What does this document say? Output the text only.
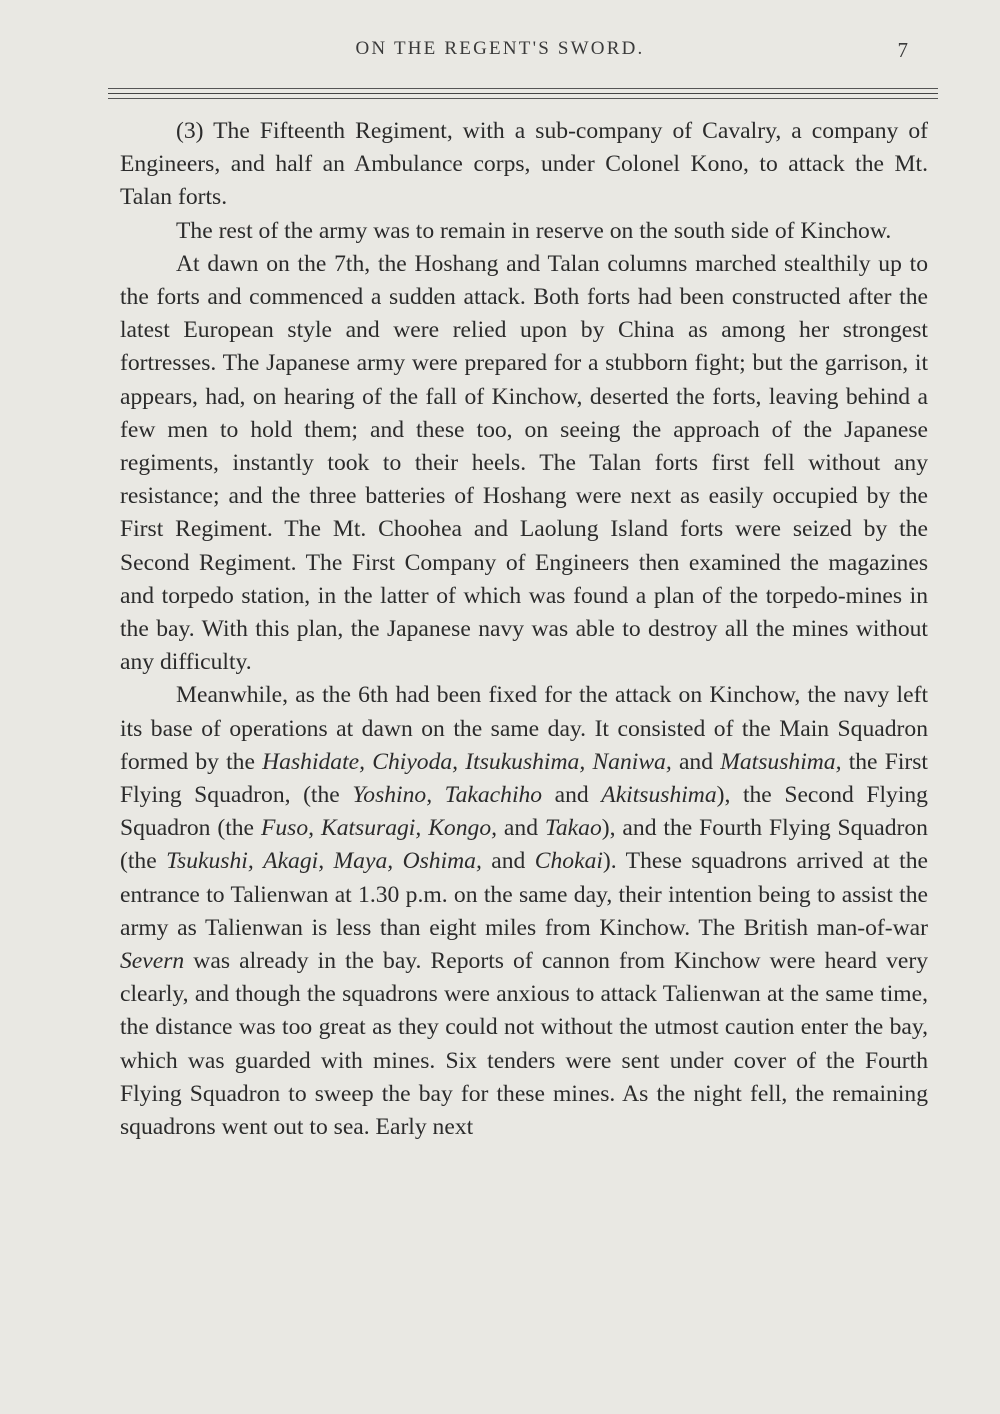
ON THE REGENT'S SWORD.	7

(3) The Fifteenth Regiment, with a sub-company of Cavalry, a company of Engineers, and half an Ambulance corps, under Colonel Kono, to attack the Mt. Talan forts.

The rest of the army was to remain in reserve on the south side of Kinchow.

At dawn on the 7th, the Hoshang and Talan columns marched stealthily up to the forts and commenced a sudden attack. Both forts had been constructed after the latest European style and were relied upon by China as among her strongest fortresses. The Japanese army were prepared for a stubborn fight; but the garrison, it appears, had, on hearing of the fall of Kinchow, deserted the forts, leaving behind a few men to hold them; and these too, on seeing the approach of the Japanese regiments, instantly took to their heels. The Talan forts first fell without any resistance; and the three batteries of Hoshang were next as easily occupied by the First Regiment. The Mt. Choohea and Laolung Island forts were seized by the Second Regiment. The First Company of Engineers then examined the magazines and torpedo station, in the latter of which was found a plan of the torpedo-mines in the bay. With this plan, the Japanese navy was able to destroy all the mines without any difficulty.

Meanwhile, as the 6th had been fixed for the attack on Kinchow, the navy left its base of operations at dawn on the same day. It consisted of the Main Squadron formed by the Hashidate, Chiyoda, Itsukushima, Naniwa, and Matsushima, the First Flying Squadron, (the Yoshino, Takachiho and Akitsushima), the Second Flying Squadron (the Fuso, Katsuragi, Kongo, and Takao), and the Fourth Flying Squadron (the Tsukushi, Akagi, Maya, Oshima, and Chokai). These squadrons arrived at the entrance to Talienwan at 1.30 p.m. on the same day, their intention being to assist the army as Talienwan is less than eight miles from Kinchow. The British man-of-war Severn was already in the bay. Reports of cannon from Kinchow were heard very clearly, and though the squadrons were anxious to attack Talienwan at the same time, the distance was too great as they could not without the utmost caution enter the bay, which was guarded with mines. Six tenders were sent under cover of the Fourth Flying Squadron to sweep the bay for these mines. As the night fell, the remaining squadrons went out to sea. Early next
